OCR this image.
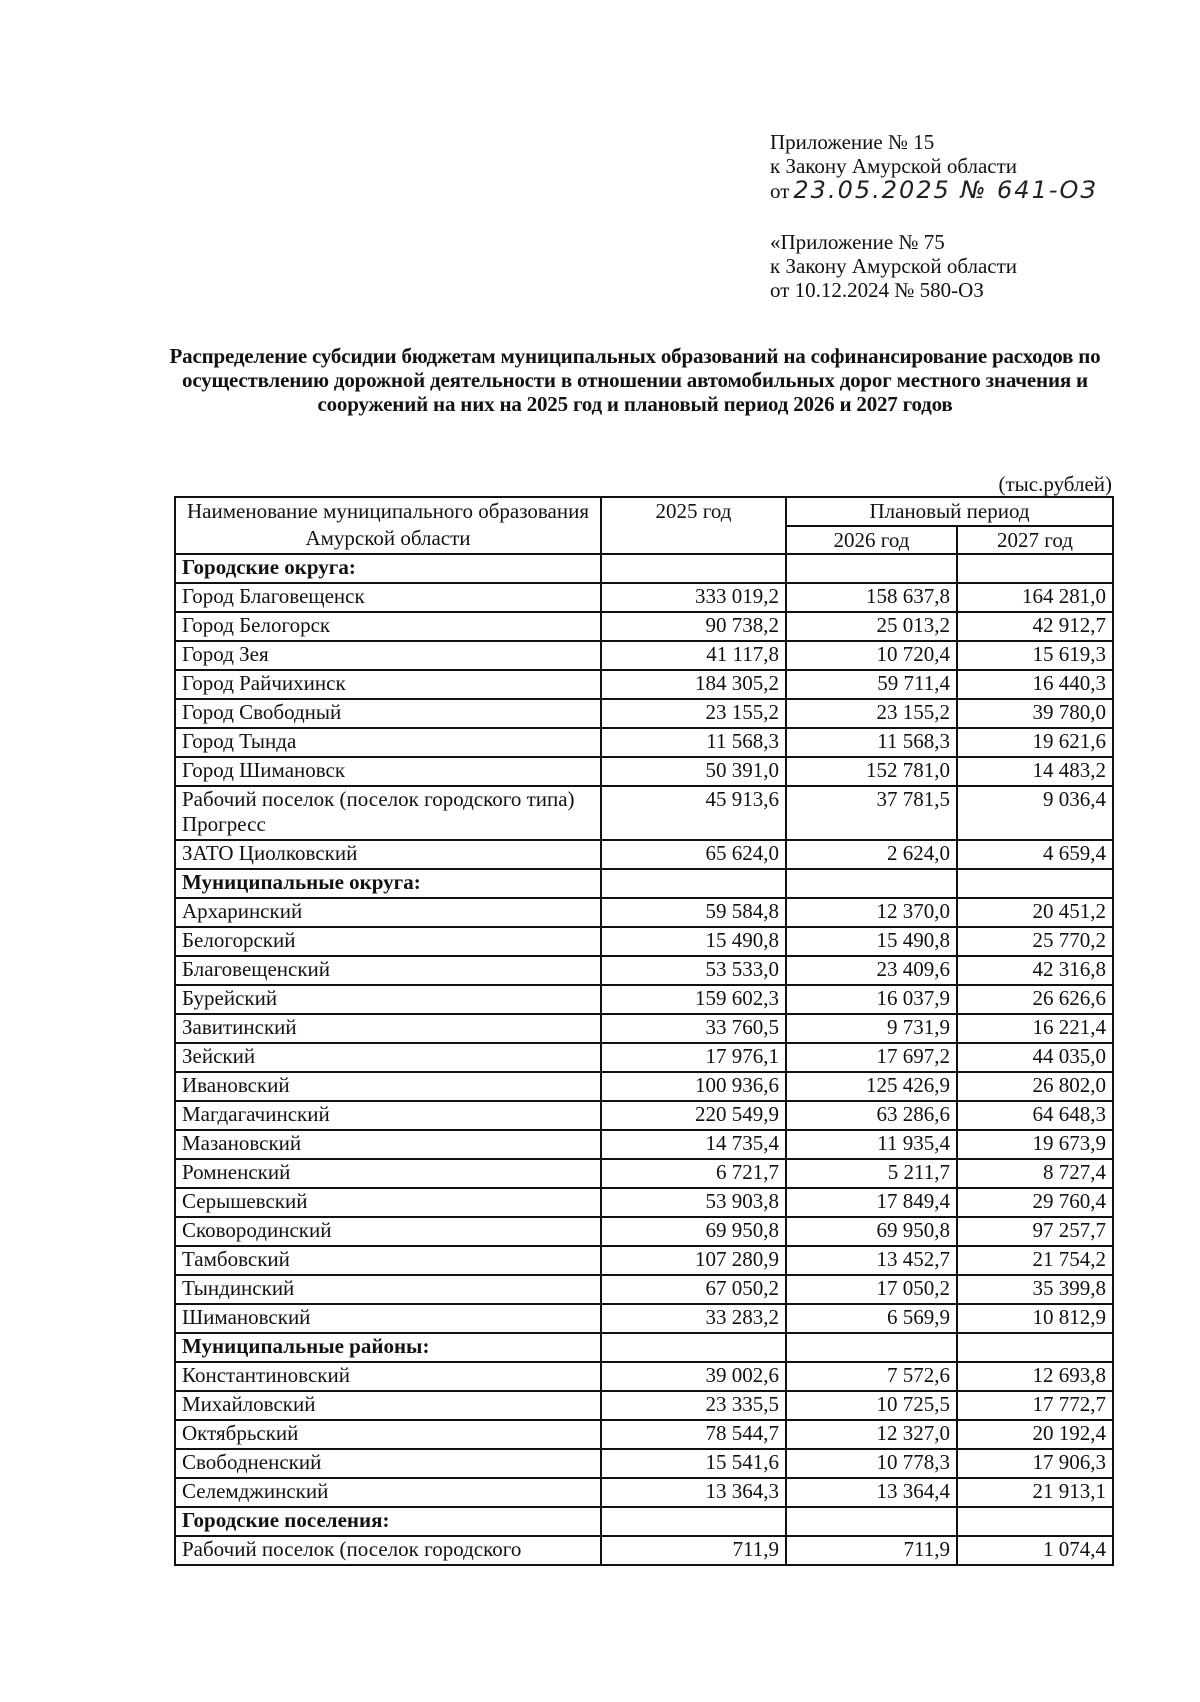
Приложение № 15
к Закону Амурской области
от 23.05.2025 № 641-ОЗ
«Приложение № 75
к Закону Амурской области
от 10.12.2024 № 580-ОЗ
Распределение субсидии бюджетам муниципальных образований на софинансирование расходов по осуществлению дорожной деятельности в отношении автомобильных дорог местного значения и сооружений на них на 2025 год и плановый период 2026 и 2027 годов
(тыс.рублей)
Наименование муниципального образования Амурской области	2025 год	Плановый период	
		2026 год	2027 год
Городские округа:			
Город Благовещенск	333 019,2	158 637,8	164 281,0
Город Белогорск	90 738,2	25 013,2	42 912,7
Город Зея	41 117,8	10 720,4	15 619,3
Город Райчихинск	184 305,2	59 711,4	16 440,3
Город Свободный	23 155,2	23 155,2	39 780,0
Город Тында	11 568,3	11 568,3	19 621,6
Город Шимановск	50 391,0	152 781,0	14 483,2
Рабочий поселок (поселок городского типа) Прогресс	45 913,6	37 781,5	9 036,4
ЗАТО Циолковский	65 624,0	2 624,0	4 659,4
Муниципальные округа:			
Архаринский	59 584,8	12 370,0	20 451,2
Белогорский	15 490,8	15 490,8	25 770,2
Благовещенский	53 533,0	23 409,6	42 316,8
Бурейский	159 602,3	16 037,9	26 626,6
Завитинский	33 760,5	9 731,9	16 221,4
Зейский	17 976,1	17 697,2	44 035,0
Ивановский	100 936,6	125 426,9	26 802,0
Магдагачинский	220 549,9	63 286,6	64 648,3
Мазановский	14 735,4	11 935,4	19 673,9
Ромненский	6 721,7	5 211,7	8 727,4
Серышевский	53 903,8	17 849,4	29 760,4
Сковородинский	69 950,8	69 950,8	97 257,7
Тамбовский	107 280,9	13 452,7	21 754,2
Тындинский	67 050,2	17 050,2	35 399,8
Шимановский	33 283,2	6 569,9	10 812,9
Муниципальные районы:			
Константиновский	39 002,6	7 572,6	12 693,8
Михайловский	23 335,5	10 725,5	17 772,7
Октябрьский	78 544,7	12 327,0	20 192,4
Свободненский	15 541,6	10 778,3	17 906,3
Селемджинский	13 364,3	13 364,4	21 913,1
Городские поселения:			
Рабочий поселок (поселок городского	711,9	711,9	1 074,4
